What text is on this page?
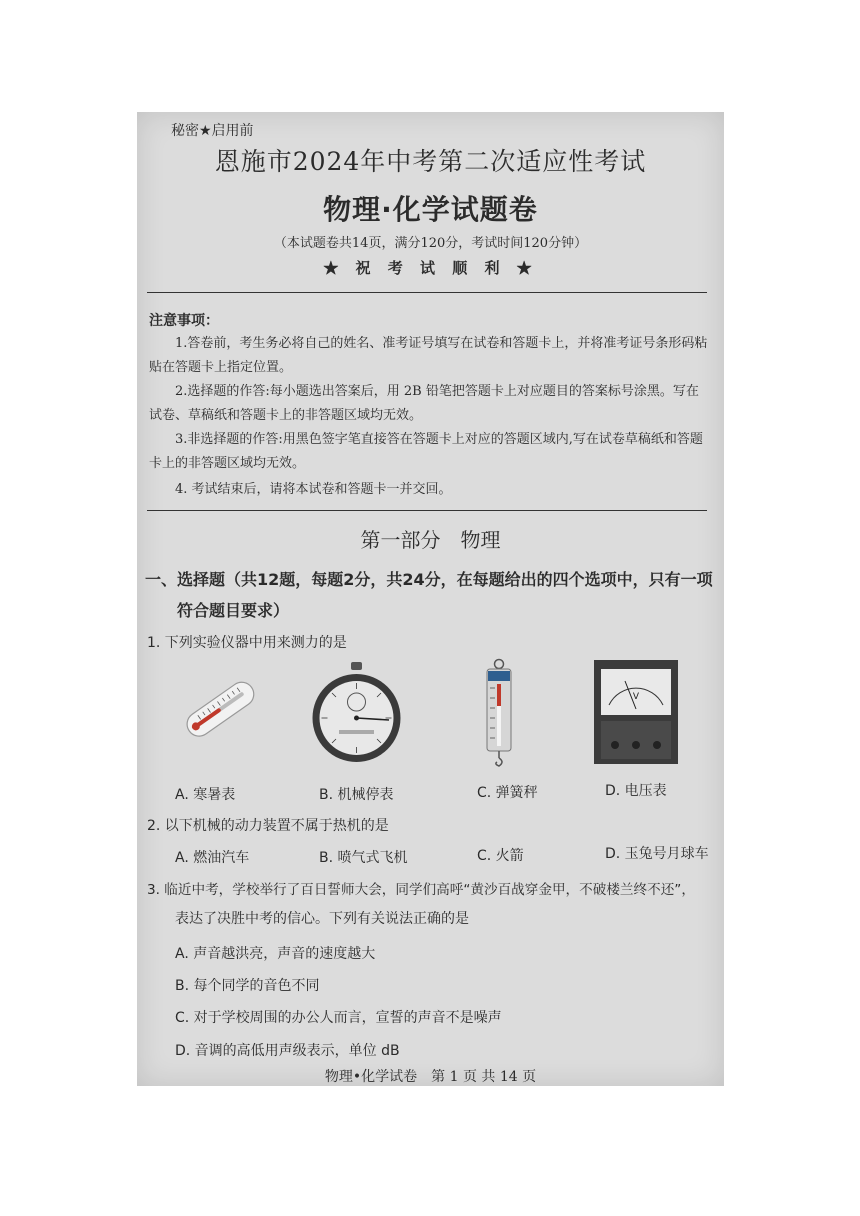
秘密★启用前
恩施市2024年中考第二次适应性考试
物理·化学试题卷
（本试题卷共14页，满分120分，考试时间120分钟）
★ 祝 考 试 顺 利 ★
注意事项：
1.答卷前，考生务必将自己的姓名、准考证号填写在试卷和答题卡上，并将准考证号条形码粘贴在答题卡上指定位置。
2.选择题的作答:每小题选出答案后，用 2B 铅笔把答题卡上对应题目的答案标号涂黑。写在试卷、草稿纸和答题卡上的非答题区域均无效。
3.非选择题的作答:用黑色签字笔直接答在答题卡上对应的答题区域内,写在试卷草稿纸和答题卡上的非答题区域均无效。
4. 考试结束后，请将本试卷和答题卡一并交回。
第一部分　物理
一、选择题（共12题，每题2分，共24分，在每题给出的四个选项中，只有一项
符合题目要求）
1. 下列实验仪器中用来测力的是
V
A. 寒暑表	B. 机械停表	C. 弹簧秤	D. 电压表
2. 以下机械的动力装置不属于热机的是
A. 燃油汽车	B. 喷气式飞机	C. 火箭	D. 玉兔号月球车
3. 临近中考，学校举行了百日誓师大会，同学们高呼“黄沙百战穿金甲，不破楼兰终不还”，
表达了决胜中考的信心。下列有关说法正确的是
A. 声音越洪亮，声音的速度越大
B. 每个同学的音色不同
C. 对于学校周围的办公人而言，宣誓的声音不是噪声
D. 音调的高低用声级表示，单位 dB
物理•化学试卷　第 1 页 共 14 页
